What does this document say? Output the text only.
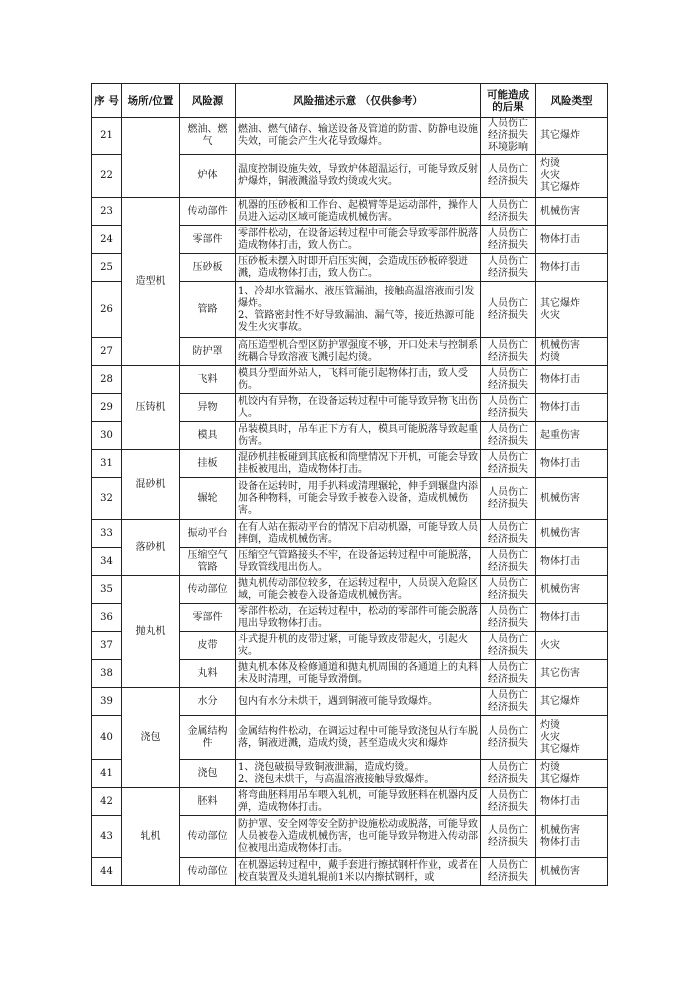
序 号	场所/位置	风险源	风险描述示意 （仅供参考）	可能造成 的后果	风险类型

21		燃油、燃
气	燃油、燃气储存、输送设备及管道的防雷、防静电设施失效，可能会产生火花导致爆炸。	人员伤亡
经济损失
环境影响	其它爆炸

22		炉体	温度控制设施失效，导致炉体超温运行，可能导致反射炉爆炸，铜液溅溢导致灼烫或火灾。	人员伤亡
经济损失	灼烫
火灾
其它爆炸

23	造型机	传动部件	机器的压砂板和工作台、起模臂等是运动部件，操作人员进入运动区域可能造成机械伤害。	人员伤亡
经济损失	机械伤害

24		零部件	零部件松动，在设备运转过程中可能会导致零部件脱落造成物体打击，致人伤亡。	人员伤亡
经济损失	物体打击

25		压砂板	压砂板未摆入时即开启压实阀，会造成压砂板碎裂迸溅，造成物体打击，致人伤亡。	人员伤亡
经济损失	物体打击

26		管路	1、冷却水管漏水、液压管漏油，接触高温溶液而引发爆炸。
2、管路密封性不好导致漏油、漏气等，接近热源可能发生火灾事故。	人员伤亡
经济损失	其它爆炸
火灾

27		防护罩	高压造型机合型区防护罩强度不够，开口处未与控制系统耦合导致溶液飞溅引起灼烫。	人员伤亡
经济损失	机械伤害
灼烫

28	压铸机	飞料	模具分型面外站人，飞料可能引起物体打击，致人受伤。	人员伤亡
经济损失	物体打击

29		异物	机饺内有异物，在设备运转过程中可能导致异物飞出伤人。	人员伤亡
经济损失	物体打击

30		模具	吊装模具时，吊车正下方有人，模具可能脱落导致起重伤害。	人员伤亡
经济损失	起重伤害

31	混砂机	挂板	混砂机挂板碰到其底板和筒壁情况下开机，可能会导致挂板被甩出，造成物体打击。	人员伤亡
经济损失	物体打击

32		辗轮	设备在运转时，用手扒料或清理辗轮，伸手到辗盘内添加各种物料，可能会导致手被卷入设备，造成机械伤害。	人员伤亡
经济损失	机械伤害

33	落砂机	振动平台	在有人站在振动平台的情况下启动机器，可能导致人员摔倒，造成机械伤害。	人员伤亡
经济损失	机械伤害

34		压缩空气
管路	压缩空气管路接头不牢，在设备运转过程中可能脱落，导致管线甩出伤人。	人员伤亡
经济损失	物体打击

35	抛丸机	传动部位	抛丸机传动部位较多，在运转过程中，人员误入危险区域，可能会被卷入设备造成机械伤害。	人员伤亡
经济损失	机械伤害

36		零部件	零部件松动，在运转过程中，松动的零部件可能会脱落甩出导致物体打击。	人员伤亡
经济损失	物体打击

37		皮带	斗式提升机的皮带过紧，可能导致皮带起火，引起火灾。	人员伤亡
经济损失	火灾

38		丸料	抛丸机本体及检修通道和抛丸机周围的各通道上的丸料未及时清理，可能导致滑倒。	人员伤亡
经济损失	其它伤害

39	浇包	水分	包内有水分未烘干，遇到铜液可能导致爆炸。	人员伤亡
经济损失	其它爆炸

40		金属结构
件	金属结构件松动，在调运过程中可能导致浇包从行车脱落，铜液迸溅，造成灼烫，甚至造成火灾和爆炸	人员伤亡
经济损失	灼烫
火灾
其它爆炸

41		浇包	1、浇包破损导致铜液泄漏，造成灼烫。
2、浇包未烘干，与高温溶液接触导致爆炸。	人员伤亡
经济损失	灼烫
其它爆炸

42	轧机	胚料	将弯曲胚料用吊车喂入轧机，可能导致胚料在机器内反弹，造成物体打击。	人员伤亡
经济损失	物体打击

43		传动部位	防护罩、安全网等安全防护设施松动或脱落，可能导致人员被卷入造成机械伤害，也可能导致异物进入传动部位被甩出造成物体打击。	人员伤亡
经济损失	机械伤害
物体打击

44		传动部位	在机器运转过程中，戴手套进行擦拭钢杆作业，或者在校直装置及头道轧辊前1米以内擦拭钢杆，或	人员伤亡
经济损失	机械伤害
